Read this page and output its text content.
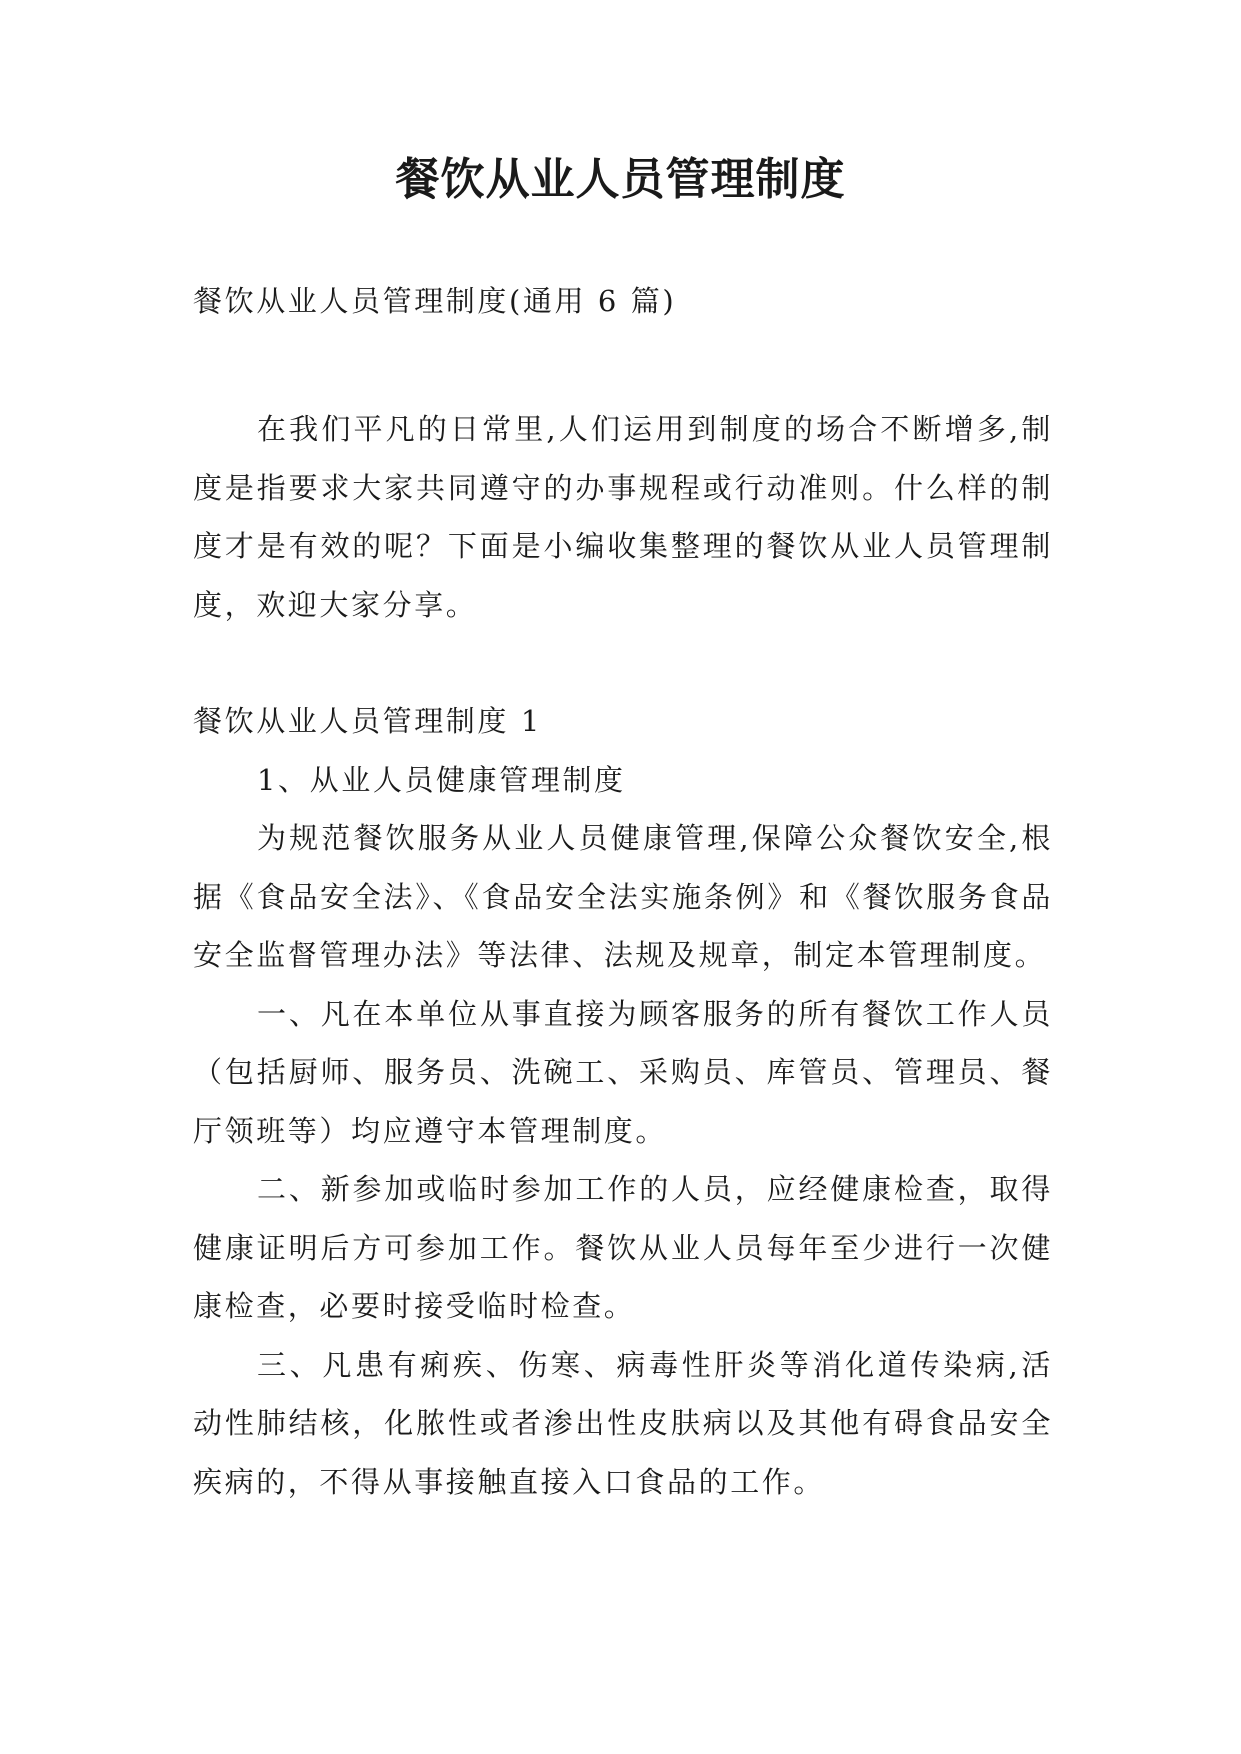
餐饮从业人员管理制度

餐饮从业人员管理制度(通用 6 篇)

在我们平凡的日常里,人们运用到制度的场合不断增多,制度是指要求大家共同遵守的办事规程或行动准则。什么样的制度才是有效的呢？下面是小编收集整理的餐饮从业人员管理制度，欢迎大家分享。

餐饮从业人员管理制度 1

1、从业人员健康管理制度

为规范餐饮服务从业人员健康管理,保障公众餐饮安全,根据《食品安全法》、《食品安全法实施条例》和《餐饮服务食品安全监督管理办法》等法律、法规及规章，制定本管理制度。

一、凡在本单位从事直接为顾客服务的所有餐饮工作人员（包括厨师、服务员、洗碗工、采购员、库管员、管理员、餐厅领班等）均应遵守本管理制度。

二、新参加或临时参加工作的人员，应经健康检查，取得健康证明后方可参加工作。餐饮从业人员每年至少进行一次健康检查，必要时接受临时检查。

三、凡患有痢疾、伤寒、病毒性肝炎等消化道传染病,活动性肺结核，化脓性或者渗出性皮肤病以及其他有碍食品安全疾病的，不得从事接触直接入口食品的工作。
